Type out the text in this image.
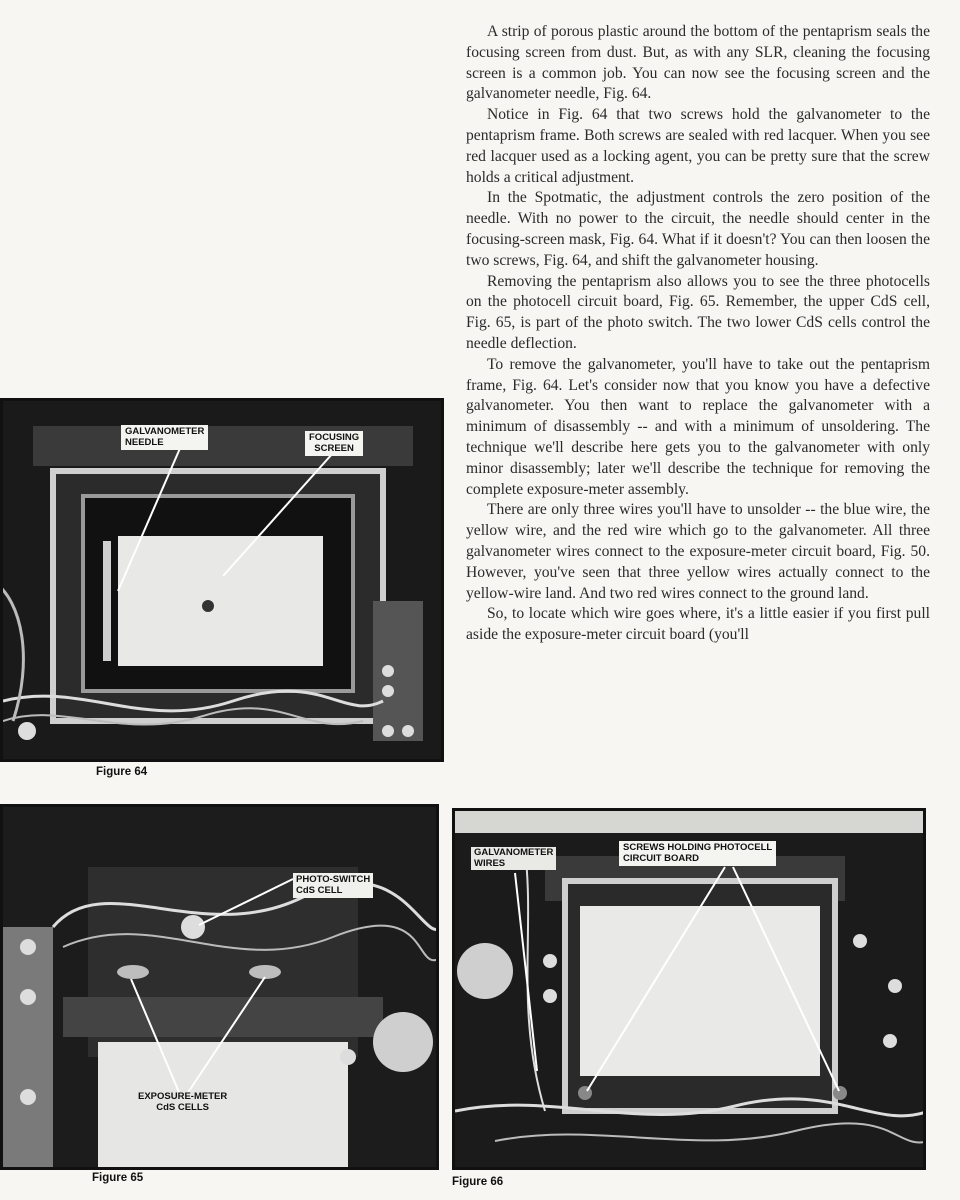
A strip of porous plastic around the bottom of the pentaprism seals the focusing screen from dust. But, as with any SLR, cleaning the focusing screen is a common job. You can now see the focusing screen and the galvanometer needle, Fig. 64.

Notice in Fig. 64 that two screws hold the galvanometer to the pentaprism frame. Both screws are sealed with red lacquer. When you see red lacquer used as a locking agent, you can be pretty sure that the screw holds a critical adjustment.

In the Spotmatic, the adjustment controls the zero position of the needle. With no power to the circuit, the needle should center in the focusing-screen mask, Fig. 64. What if it doesn't? You can then loosen the two screws, Fig. 64, and shift the galvanometer housing.

Removing the pentaprism also allows you to see the three photocells on the photocell circuit board, Fig. 65. Remember, the upper CdS cell, Fig. 65, is part of the photo switch. The two lower CdS cells control the needle deflection.

To remove the galvanometer, you'll have to take out the pentaprism frame, Fig. 64. Let's consider now that you know you have a defective galvanometer. You then want to replace the galvanometer with a minimum of disassembly -- and with a minimum of unsoldering. The technique we'll describe here gets you to the galvanometer with only minor disassembly; later we'll describe the technique for removing the complete exposure-meter assembly.

There are only three wires you'll have to unsolder -- the blue wire, the yellow wire, and the red wire which go to the galvanometer. All three galvanometer wires connect to the exposure-meter circuit board, Fig. 50. However, you've seen that three yellow wires actually connect to the yellow-wire land. And two red wires connect to the ground land.

So, to locate which wire goes where, it's a little easier if you first pull aside the exposure-meter circuit board (you'll

GALVANOMETER
NEEDLE	FOCUSING
SCREEN
Figure 64
PHOTO-SWITCH
CdS CELL
EXPOSURE-METER
CdS CELLS
Figure 65
GALVANOMETER
WIRES
SCREWS HOLDING PHOTOCELL
CIRCUIT BOARD
Figure 66
